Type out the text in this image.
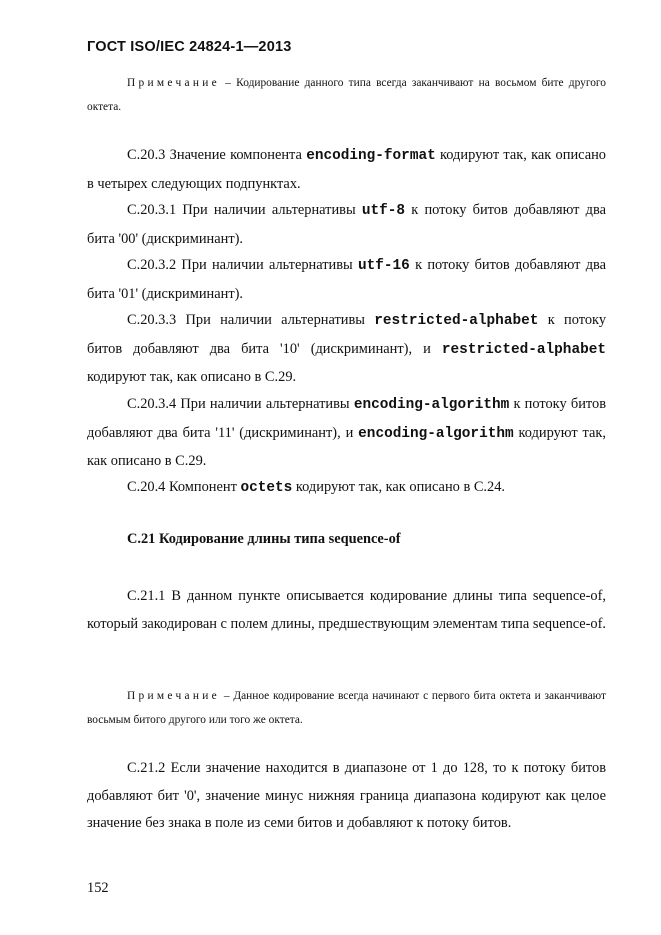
ГОСТ ISO/IEC 24824-1—2013

Примечание – Кодирование данного типа всегда заканчивают на восьмом бите другого октета.

С.20.3 Значение компонента encoding-format кодируют так, как описано в четырех следующих подпунктах.

С.20.3.1 При наличии альтернативы utf-8 к потоку битов добавляют два бита '00' (дискриминант).

С.20.3.2 При наличии альтернативы utf-16 к потоку битов добавляют два бита '01' (дискриминант).

С.20.3.3 При наличии альтернативы restricted-alphabet к потоку битов добавляют два бита '10' (дискриминант), и restricted-alphabet кодируют так, как описано в С.29.

С.20.3.4 При наличии альтернативы encoding-algorithm к потоку битов добавляют два бита '11' (дискриминант), и encoding-algorithm кодируют так, как описано в С.29.

С.20.4 Компонент octets кодируют так, как описано в С.24.

С.21 Кодирование длины типа sequence-of

С.21.1 В данном пункте описывается кодирование длины типа sequence-of, который закодирован с полем длины, предшествующим элементам типа sequence-of.

Примечание – Данное кодирование всегда начинают с первого бита октета и заканчивают восьмым битого другого или того же октета.

С.21.2 Если значение находится в диапазоне от 1 до 128, то к потоку битов добавляют бит '0', значение минус нижняя граница диапазона кодируют как целое значение без знака в поле из семи битов и добавляют к потоку битов.

152
